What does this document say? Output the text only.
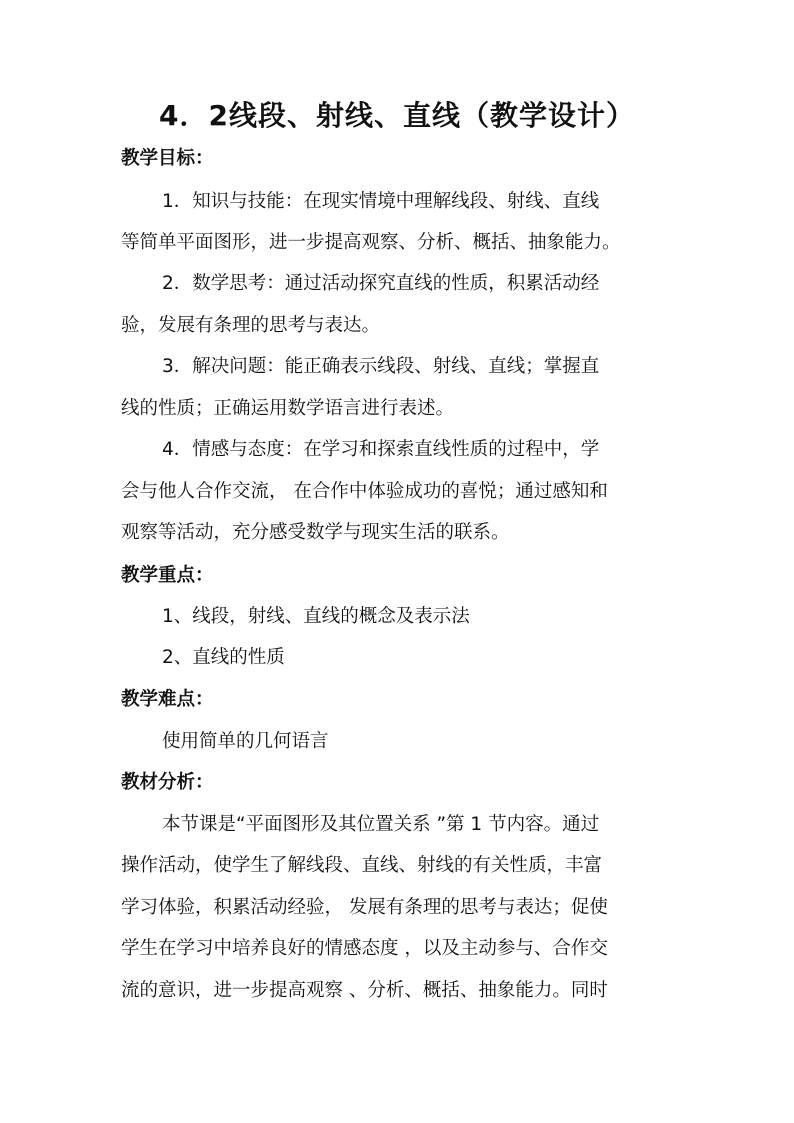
4．2线段、射线、直线（教学设计）
教学目标：
1．知识与技能：在现实情境中理解线段、射线、直线
等简单平面图形，进一步提高观察、分析、概括、抽象能力。
2．数学思考：通过活动探究直线的性质，积累活动经
验，发展有条理的思考与表达。
3．解决问题：能正确表示线段、射线、直线；掌握直
线的性质；正确运用数学语言进行表述。
4．情感与态度：在学习和探索直线性质的过程中，学
会与他人合作交流， 在合作中体验成功的喜悦；通过感知和
观察等活动，充分感受数学与现实生活的联系。
教学重点：
1、线段，射线、直线的概念及表示法
2、直线的性质
教学难点：
使用简单的几何语言
教材分析：
本节课是“平面图形及其位置关系 ”第 1 节内容。通过
操作活动，使学生了解线段、直线、射线的有关性质，丰富
学习体验，积累活动经验， 发展有条理的思考与表达；促使
学生在学习中培养良好的情感态度 ，以及主动参与、合作交
流的意识，进一步提高观察 、分析、概括、抽象能力。同时
